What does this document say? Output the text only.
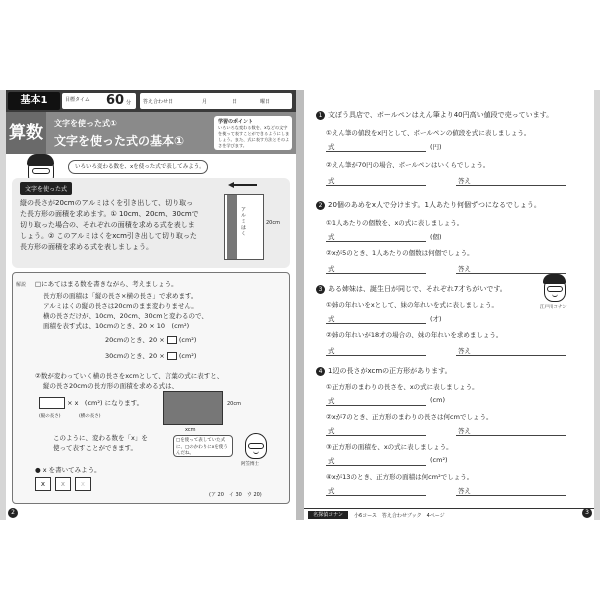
基本1	目標タイム 60 分 答え合わせ日	月	日	曜日
算数	文字を使った式①
文字を使った式の基本①
学習のポイント
いろいろな変わる数を、xなどの文字を使って表すことができるようにしましょう。また、式に表す方法とそのよさを学びます。
いろいろ変わる数を、xを使った式で表してみよう。
文字を使った式
縦の長さが20cmのアルミはくを引き出して、切り取った長方形の面積を求めます。① 10cm、20cm、30cmで切り取った場合の、それぞれの面積を求める式を表しましょう。② このアルミはくをxcm引き出して切り取った長方形の面積を求める式を表しましょう。
アルミはく
20cm
解説 □にあてはまる数を書きながら、考えましょう。
長方形の面積は「縦の長さ×横の長さ」で求めます。
アルミはくの縦の長さは20cmのまま変わりません。
横の長さだけが、10cm、20cm、30cmと変わるので、
面積を表す式は、10cmのとき、20 × 10　(cm²)
20cmのとき、20 × (cm²)
30cmのとき、20 × (cm²)
②数が変わっていく横の長さをxcmとして、言葉の式に表すと、
縦の長さ20cmの長方形の面積を求める式は、
20cm
xcm
× x　(cm²) になります。
(縦の長さ)	(横の長さ)
このように、変わる数を「x」を
使って表すことができます。
□を使って表していた式に、□のかわりにxを使うんだね。
阿笠博士
● x を書いてみよう。
x	x	x
(ア 20　イ 30　ウ 20)
2
1 文ぼう具店で、ボールペンはえん筆より40円高い値段で売っています。
①えん筆の値段をx円として、ボールペンの値段を式に表しましょう。
式	(円)
②えん筆が70円の場合、ボールペンはいくらでしょう。
式	答え
2 20個のあめをx人で分けます。1人あたり何個ずつになるでしょう。
①1人あたりの個数を、xの式に表しましょう。
式	(個)
②xが5のとき、1人あたりの個数は何個でしょう。
式	答え
3 ある姉妹は、誕生日が同じで、それぞれ7才ちがいです。
江戸川コナン
①姉の年れいをxとして、妹の年れいを式に表しましょう。
式	(才)
②姉の年れいが18才の場合の、妹の年れいを求めましょう。
式	答え
4 1辺の長さがxcmの正方形があります。
①正方形のまわりの長さを、xの式に表しましょう。
式	(cm)
②xが7のとき、正方形のまわりの長さは何cmでしょう。
式	答え
③正方形の面積を、xの式に表しましょう。
式	(cm²)
④xが13のとき、正方形の面積は何cm²でしょう。
式	答え
名探偵コナン	小6コース　答え合わせブック　4ページ	3
